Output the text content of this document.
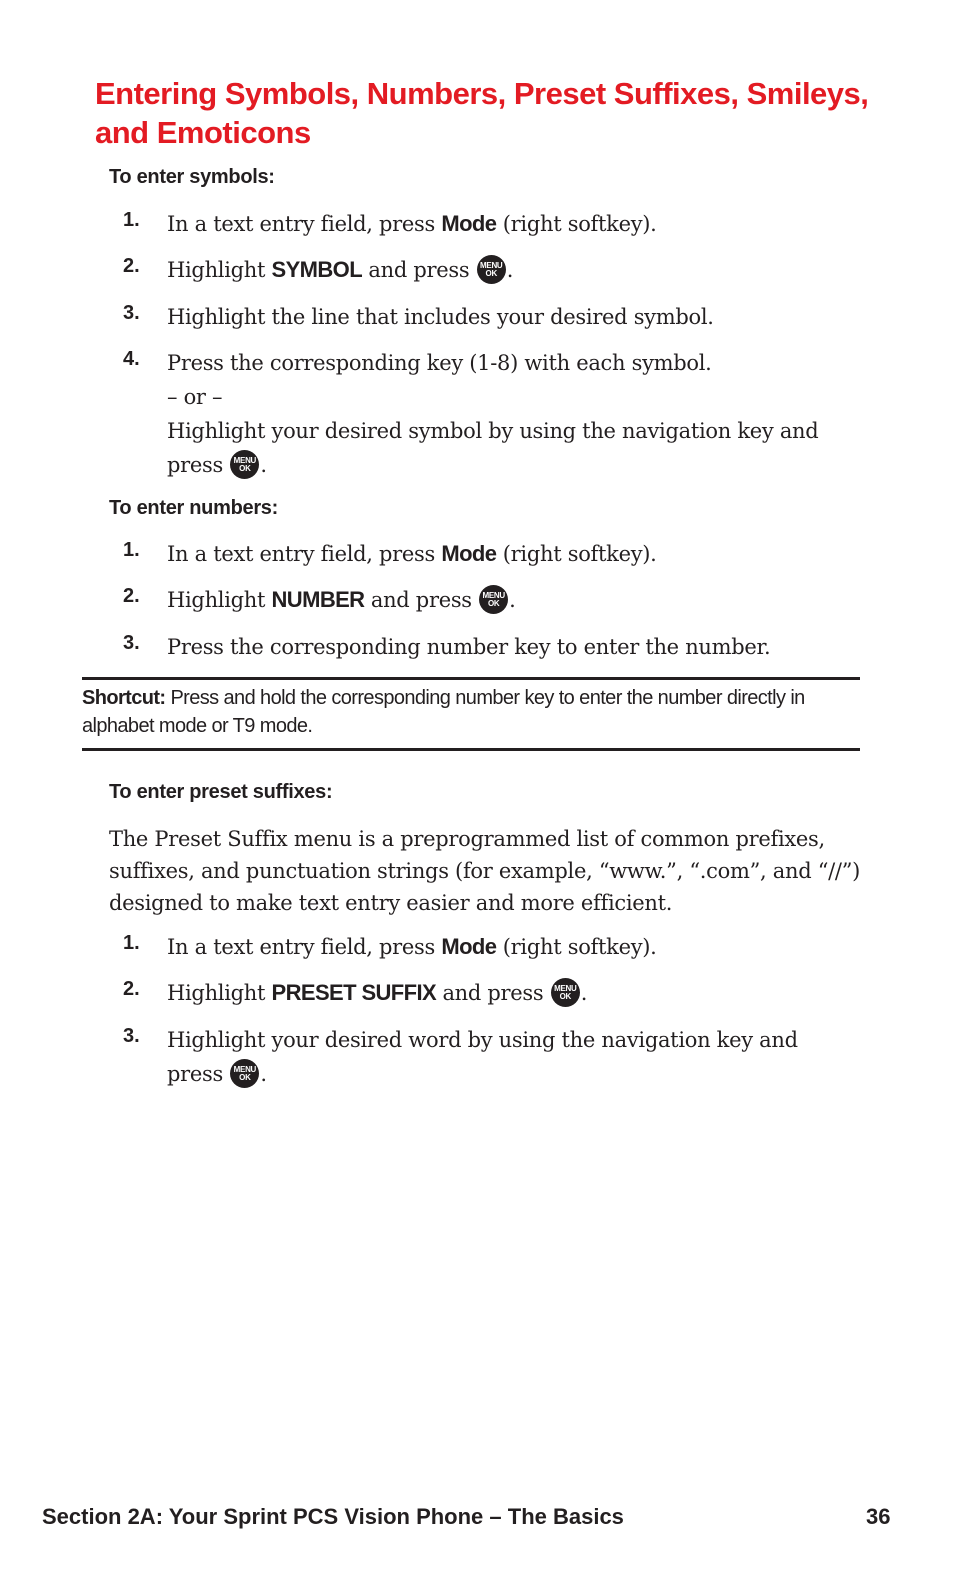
Entering Symbols, Numbers, Preset Suffixes, Smileys, and Emoticons
To enter symbols:
1. In a text entry field, press Mode (right softkey).
2. Highlight SYMBOL and press	MENU
OK .
3. Highlight the line that includes your desired symbol.
4. Press the corresponding key (1-8) with each symbol.
– or –
Highlight your desired symbol by using the navigation key and
press	MENU
OK .
To enter numbers:
1. In a text entry field, press Mode (right softkey).
2. Highlight NUMBER and press	MENU
OK .
3. Press the corresponding number key to enter the number.
Shortcut: Press and hold the corresponding number key to enter the number directly in alphabet mode or T9 mode.
To enter preset suffixes:

The Preset Suffix menu is a preprogrammed list of common prefixes, suffixes, and punctuation strings (for example, “www.”, “.com”, and “//”) designed to make text entry easier and more efficient.

1. In a text entry field, press Mode (right softkey).
2. Highlight PRESET SUFFIX and press	MENU
OK .
3. Highlight your desired word by using the navigation key and
press	MENU
OK .
Section 2A: Your Sprint PCS Vision Phone – The Basics	36
